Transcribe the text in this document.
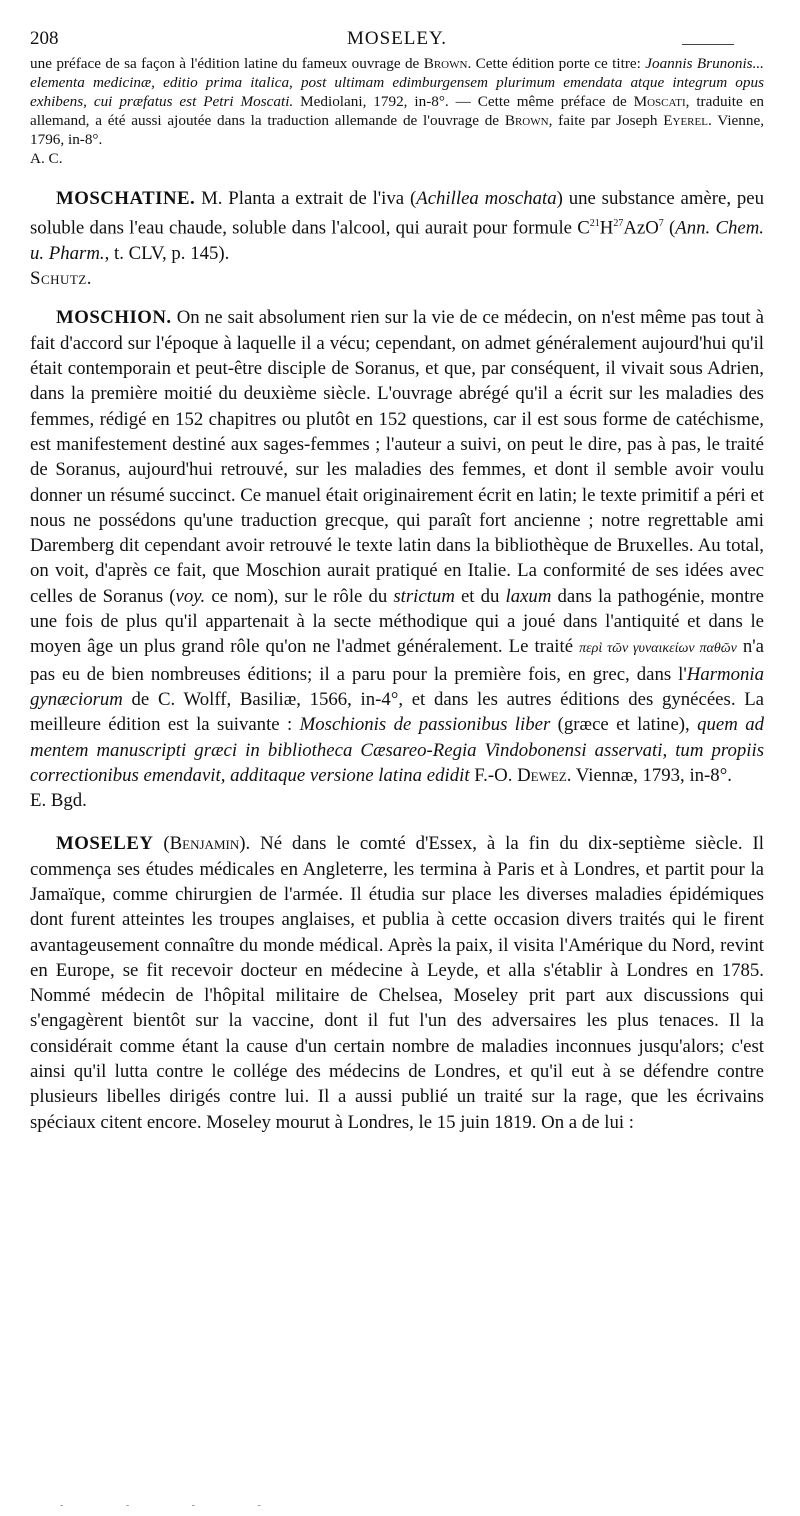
208	MOSELEY.

une préface de sa façon à l'édition latine du fameux ouvrage de Brown. Cette édition porte ce titre: Joannis Brunonis... elementa medicinæ, editio prima italica, post ultimam edimburgensem plurimum emendata atque integrum opus exhibens, cui præfatus est Petri Moscati. Mediolani, 1792, in-8°. — Cette même préface de Moscati, traduite en allemand, a été aussi ajoutée dans la traduction allemande de l'ouvrage de Brown, faite par Joseph Eyerel. Vienne, 1796, in-8°.

A. C.

MOSCHATINE. M. Planta a extrait de l'iva (Achillea moschata) une substance amère, peu soluble dans l'eau chaude, soluble dans l'alcool, qui aurait pour formule $C^{21}H^{27}AzO^7$ (Ann. Chem. u. Pharm., t. CLV, p. 145).

Schutz.

MOSCHION. On ne sait absolument rien sur la vie de ce médecin, on n'est même pas tout à fait d'accord sur l'époque à laquelle il a vécu; cependant, on admet généralement aujourd'hui qu'il était contemporain et peut-être disciple de Soranus, et que, par conséquent, il vivait sous Adrien, dans la première moitié du deuxième siècle. L'ouvrage abrégé qu'il a écrit sur les maladies des femmes, rédigé en 152 chapitres ou plutôt en 152 questions, car il est sous forme de catéchisme, est manifestement destiné aux sages-femmes ; l'auteur a suivi, on peut le dire, pas à pas, le traité de Soranus, aujourd'hui retrouvé, sur les maladies des femmes, et dont il semble avoir voulu donner un résumé succinct. Ce manuel était originairement écrit en latin; le texte primitif a péri et nous ne possédons qu'une traduction grecque, qui paraît fort ancienne ; notre regrettable ami Daremberg dit cependant avoir retrouvé le texte latin dans la bibliothèque de Bruxelles. Au total, on voit, d'après ce fait, que Moschion aurait pratiqué en Italie. La conformité de ses idées avec celles de Soranus (voy. ce nom), sur le rôle du strictum et du laxum dans la pathogénie, montre une fois de plus qu'il appartenait à la secte méthodique qui a joué dans l'antiquité et dans le moyen âge un plus grand rôle qu'on ne l'admet généralement. Le traité περὶ τῶν γυναικείων παθῶν n'a pas eu de bien nombreuses éditions; il a paru pour la première fois, en grec, dans l'Harmonia gynæciorum de C. Wolff, Basiliæ, 1566, in-4°, et dans les autres éditions des gynécées. La meilleure édition est la suivante : Moschionis de passionibus liber (græce et latine), quem ad mentem manuscripti græci in bibliotheca Cæsareo-Regia Vindobonensi asservati, tum propiis correctionibus emendavit, additaque versione latina edidit F.-O. Dewez. Viennæ, 1793, in-8°.

E. Bgd.

MOSELEY (Benjamin). Né dans le comté d'Essex, à la fin du dix-septième siècle. Il commença ses études médicales en Angleterre, les termina à Paris et à Londres, et partit pour la Jamaïque, comme chirurgien de l'armée. Il étudia sur place les diverses maladies épidémiques dont furent atteintes les troupes anglaises, et publia à cette occasion divers traités qui le firent avantageusement connaître du monde médical. Après la paix, il visita l'Amérique du Nord, revint en Europe, se fit recevoir docteur en médecine à Leyde, et alla s'établir à Londres en 1785. Nommé médecin de l'hôpital militaire de Chelsea, Moseley prit part aux discussions qui s'engagèrent bientôt sur la vaccine, dont il fut l'un des adversaires les plus tenaces. Il la considérait comme étant la cause d'un certain nombre de maladies inconnues jusqu'alors; c'est ainsi qu'il lutta contre le collége des médecins de Londres, et qu'il eut à se défendre contre plusieurs libelles dirigés contre lui. Il a aussi publié un traité sur la rage, que les écrivains spéciaux citent encore. Moseley mourut à Londres, le 15 juin 1819. On a de lui :

- - - -
